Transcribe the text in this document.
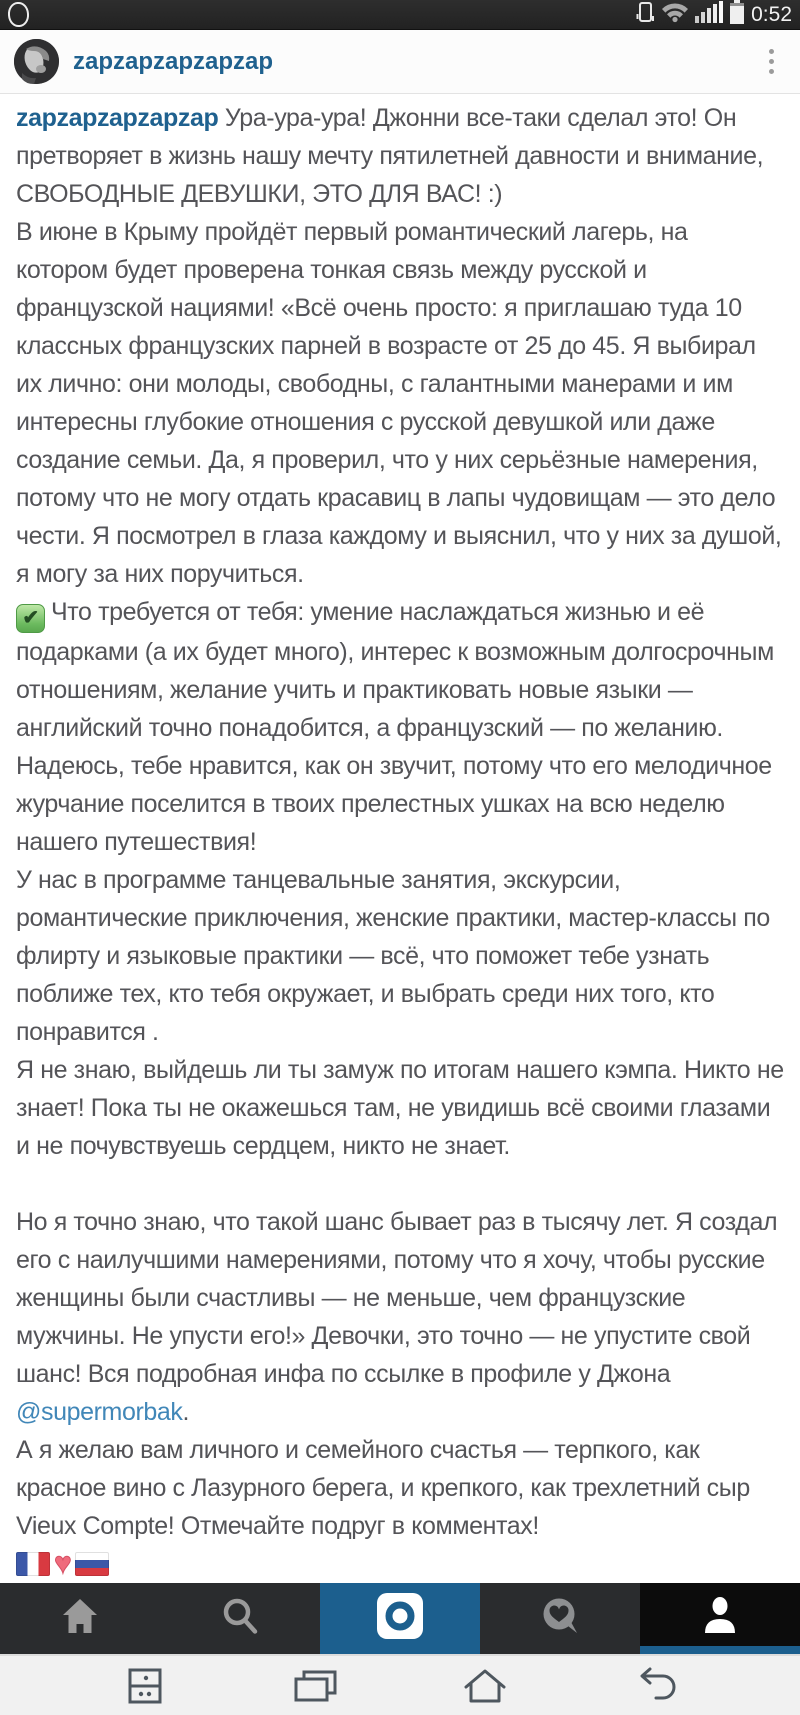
0:52
zapzapzapzapzap
zapzapzapzapzap Ура-ура-ура! Джонни все-таки сделал это! Он претворяет в жизнь нашу мечту пятилетней давности и внимание, СВОБОДНЫЕ ДЕВУШКИ, ЭТО ДЛЯ ВАС! :)
В июне в Крыму пройдёт первый романтический лагерь, на котором будет проверена тонкая связь между русской и французской нациями! «Всё очень просто: я приглашаю туда 10 классных французских парней в возрасте от 25 до 45. Я выбирал их лично: они молоды, свободны, с галантными манерами и им интересны глубокие отношения с русской девушкой или даже создание семьи. Да, я проверил, что у них серьёзные намерения, потому что не могу отдать красавиц в лапы чудовищам — это дело чести. Я посмотрел в глаза каждому и выяснил, что у них за душой, я могу за них поручиться.
✔ Что требуется от тебя: умение наслаждаться жизнью и её подарками (а их будет много), интерес к возможным долгосрочным отношениям, желание учить и практиковать новые языки — английский точно понадобится, а французский — по желанию. Надеюсь, тебе нравится, как он звучит, потому что его мелодичное журчание поселится в твоих прелестных ушках на всю неделю нашего путешествия!
У нас в программе танцевальные занятия, экскурсии, романтические приключения, женские практики, мастер-классы по флирту и языковые практики — всё, что поможет тебе узнать поближе тех, кто тебя окружает, и выбрать среди них того, кто понравится .
Я не знаю, выйдешь ли ты замуж по итогам нашего кэмпа. Никто не знает! Пока ты не окажешься там, не увидишь всё своими глазами и не почувствуешь сердцем, никто не знает.
Но я точно знаю, что такой шанс бывает раз в тысячу лет. Я создал его с наилучшими намерениями, потому что я хочу, чтобы русские женщины были счастливы — не меньше, чем французские мужчины. Не упусти его!» Девочки, это точно — не упустите свой шанс! Вся подробная инфа по ссылке в профиле у Джона @supermorbak.
А я желаю вам личного и семейного счастья — терпкого, как красное вино с Лазурного берега, и крепкого, как трехлетний сыр Vieux Compte! Отмечайте подруг в комментах!
♥
